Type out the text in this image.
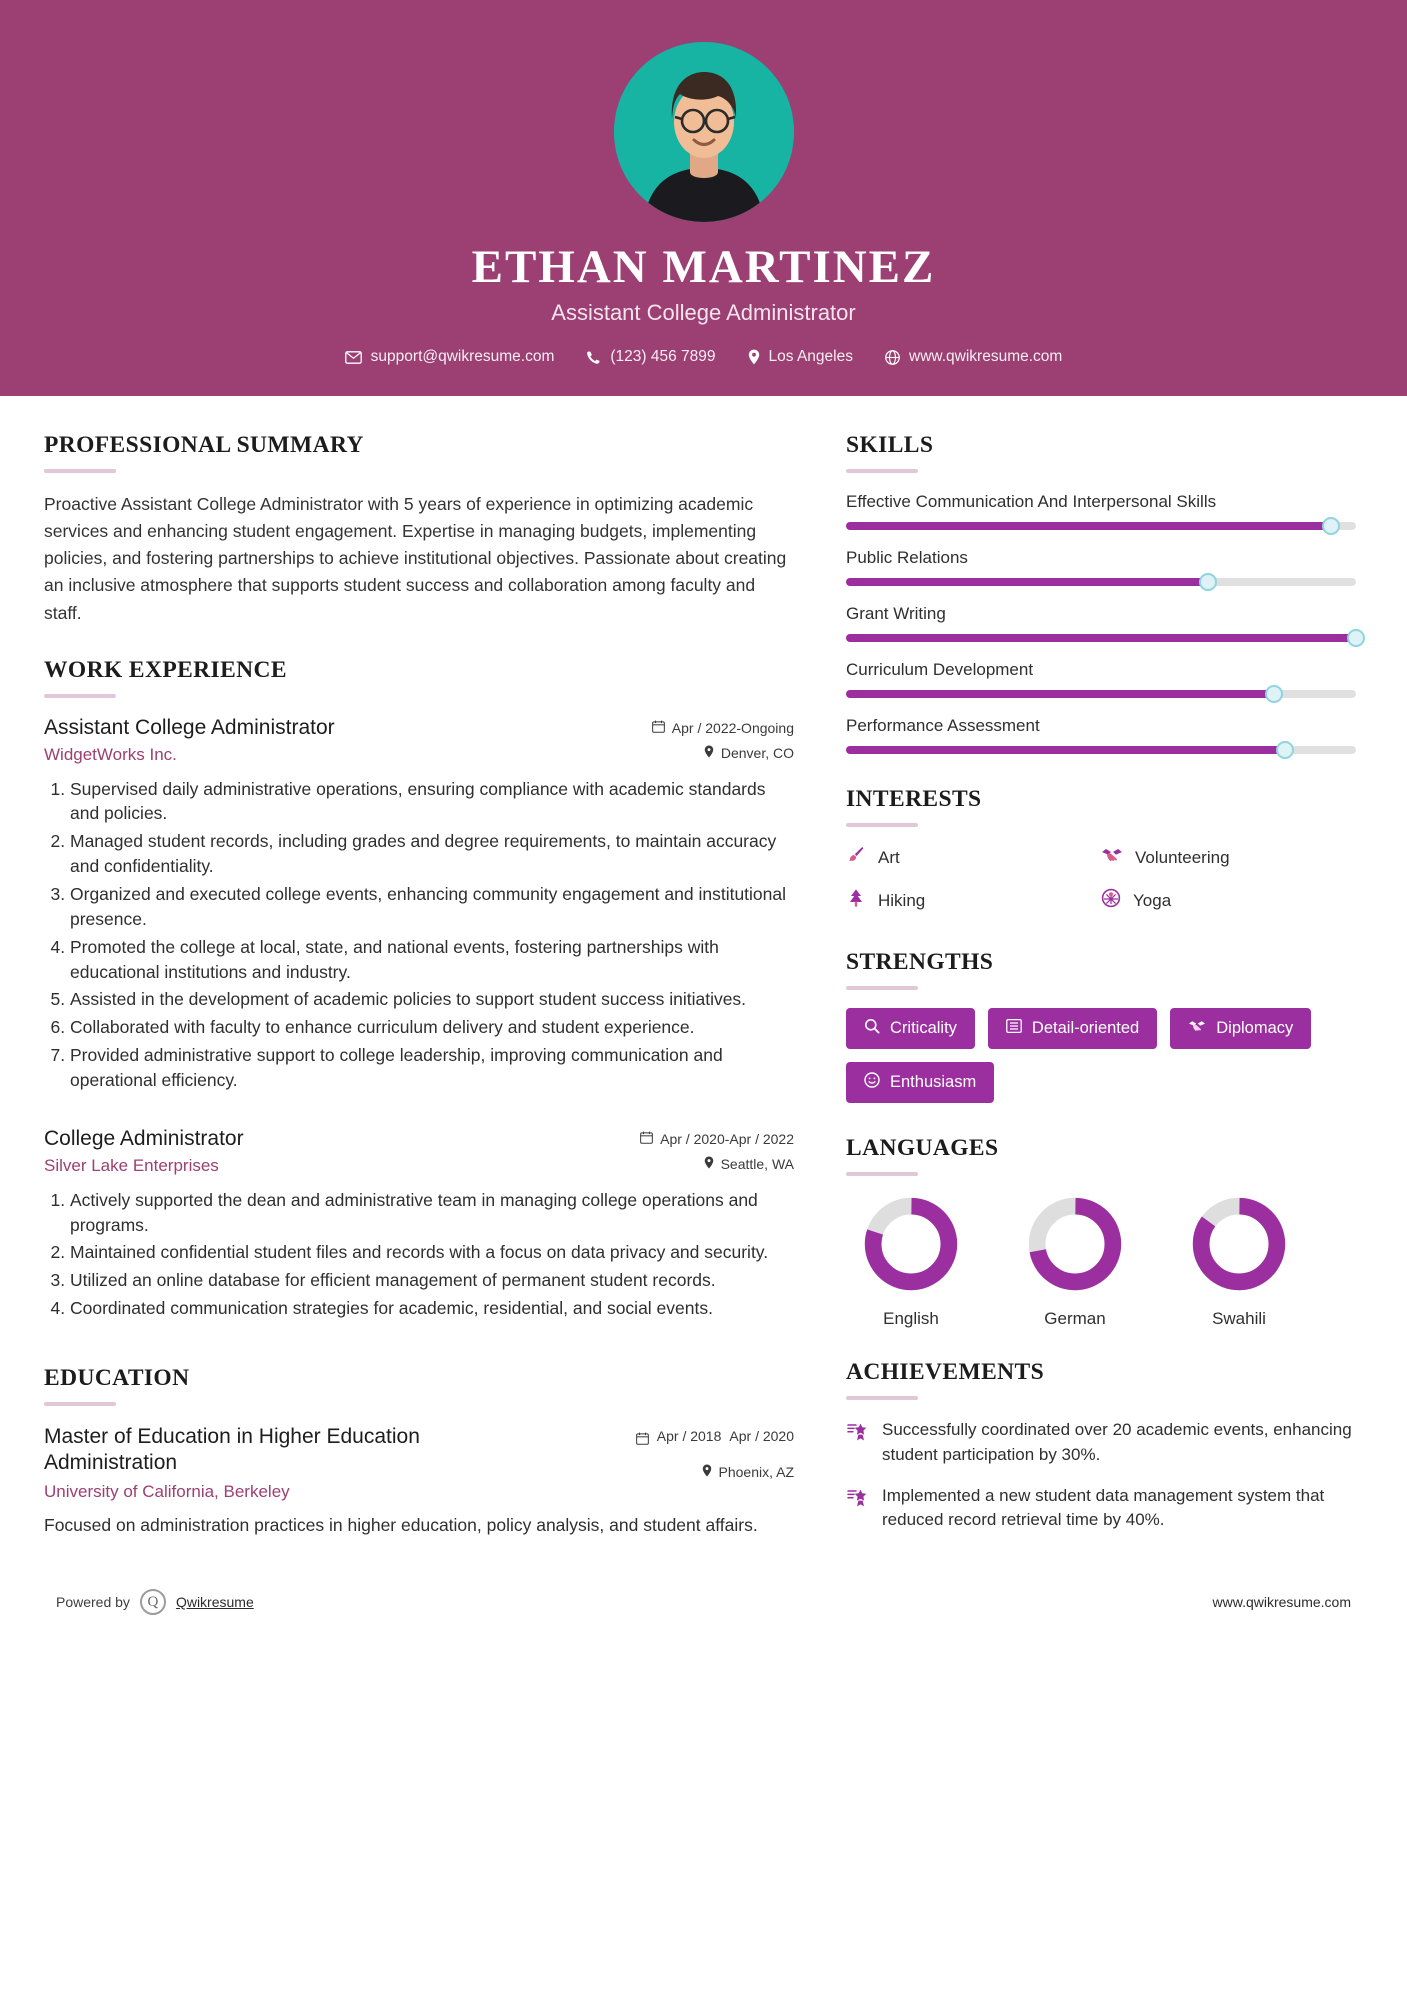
ETHAN MARTINEZ
Assistant College Administrator
support@qwikresume.com	(123) 456 7899	Los Angeles	www.qwikresume.com
PROFESSIONAL SUMMARY

Proactive Assistant College Administrator with 5 years of experience in optimizing academic services and enhancing student engagement. Expertise in managing budgets, implementing policies, and fostering partnerships to achieve institutional objectives. Passionate about creating an inclusive atmosphere that supports student success and collaboration among faculty and staff.

WORK EXPERIENCE
Assistant College Administrator
WidgetWorks Inc.
Apr / 2022-Ongoing
Denver, CO
1. Supervised daily administrative operations, ensuring compliance with academic standards and policies.
2. Managed student records, including grades and degree requirements, to maintain accuracy and confidentiality.
3. Organized and executed college events, enhancing community engagement and institutional presence.
4. Promoted the college at local, state, and national events, fostering partnerships with educational institutions and industry.
5. Assisted in the development of academic policies to support student success initiatives.
6. Collaborated with faculty to enhance curriculum delivery and student experience.
7. Provided administrative support to college leadership, improving communication and operational efficiency.
College Administrator
Silver Lake Enterprises
Apr / 2020-Apr / 2022
Seattle, WA
1. Actively supported the dean and administrative team in managing college operations and programs.
2. Maintained confidential student files and records with a focus on data privacy and security.
3. Utilized an online database for efficient management of permanent student records.
4. Coordinated communication strategies for academic, residential, and social events.
EDUCATION
Master of Education in Higher Education Administration
University of California, Berkeley
Apr / 2018 Apr / 2020
Phoenix, AZ
Focused on administration practices in higher education, policy analysis, and student affairs.
SKILLS
Effective Communication And Interpersonal Skills
Public Relations
Grant Writing
Curriculum Development
Performance Assessment
INTERESTS
Art	Volunteering
Hiking	Yoga
STRENGTHS
Criticality	Detail-oriented	Diplomacy
Enthusiasm
LANGUAGES
English	German	Swahili
ACHIEVEMENTS
Successfully coordinated over 20 academic events, enhancing student participation by 30%.
Implemented a new student data management system that reduced record retrieval time by 40%.
Powered by Q Qwikresume	www.qwikresume.com
